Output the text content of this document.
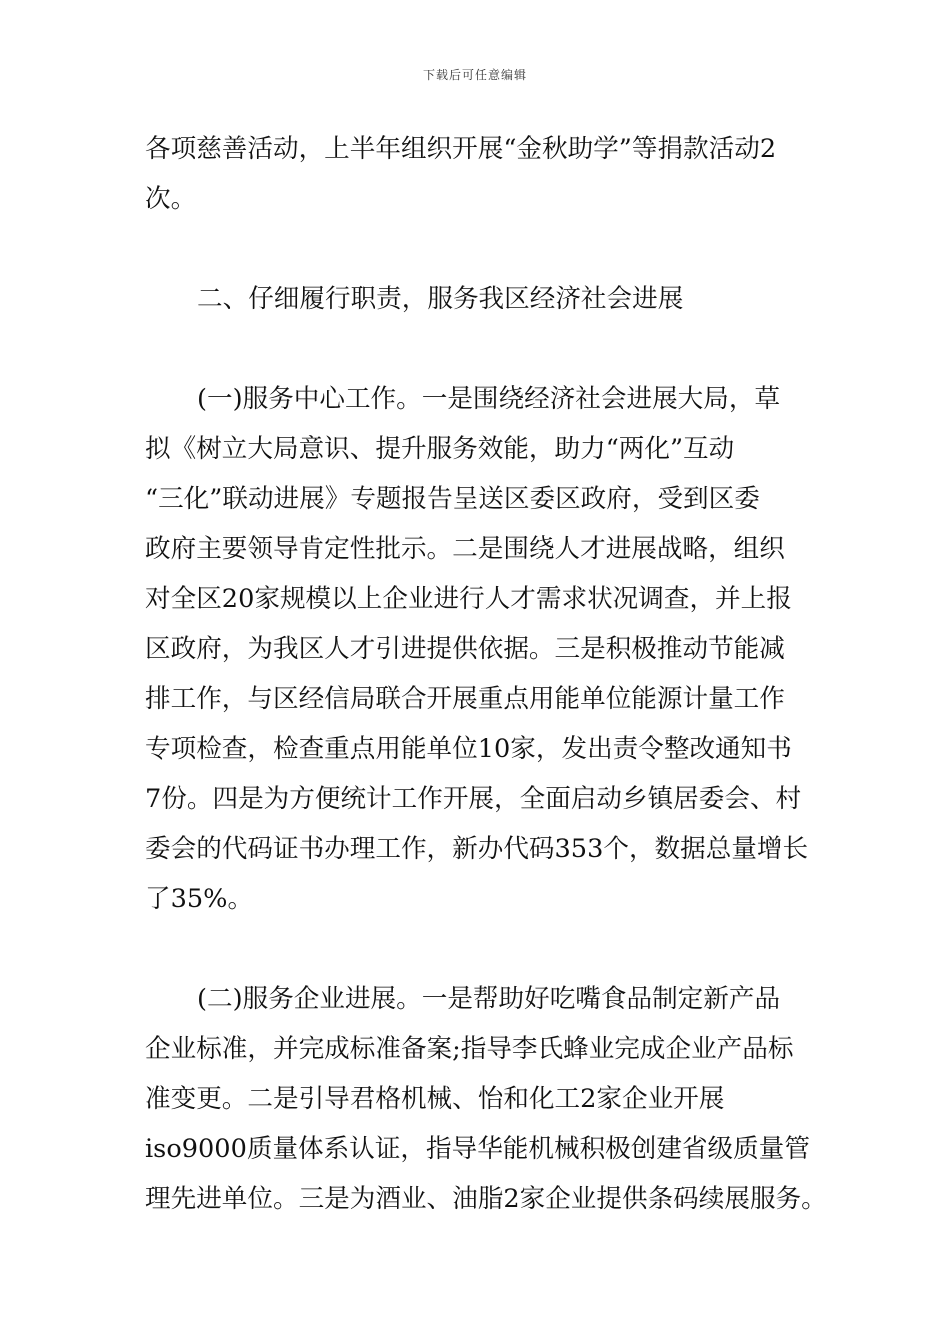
下载后可任意编辑
各项慈善活动，上半年组织开展“金秋助学”等捐款活动2
次。
二、仔细履行职责，服务我区经济社会进展
(一)服务中心工作。一是围绕经济社会进展大局，草
拟《树立大局意识、提升服务效能，助力“两化”互动
“三化”联动进展》专题报告呈送区委区政府，受到区委
政府主要领导肯定性批示。二是围绕人才进展战略，组织
对全区20家规模以上企业进行人才需求状况调查，并上报
区政府，为我区人才引进提供依据。三是积极推动节能减
排工作，与区经信局联合开展重点用能单位能源计量工作
专项检查，检查重点用能单位10家，发出责令整改通知书
7份。四是为方便统计工作开展，全面启动乡镇居委会、村
委会的代码证书办理工作，新办代码353个，数据总量增长
了35%。
(二)服务企业进展。一是帮助好吃嘴食品制定新产品
企业标准，并完成标准备案;指导李氏蜂业完成企业产品标
准变更。二是引导君格机械、怡和化工2家企业开展
iso9000质量体系认证，指导华能机械积极创建省级质量管
理先进单位。三是为酒业、油脂2家企业提供条码续展服务。
